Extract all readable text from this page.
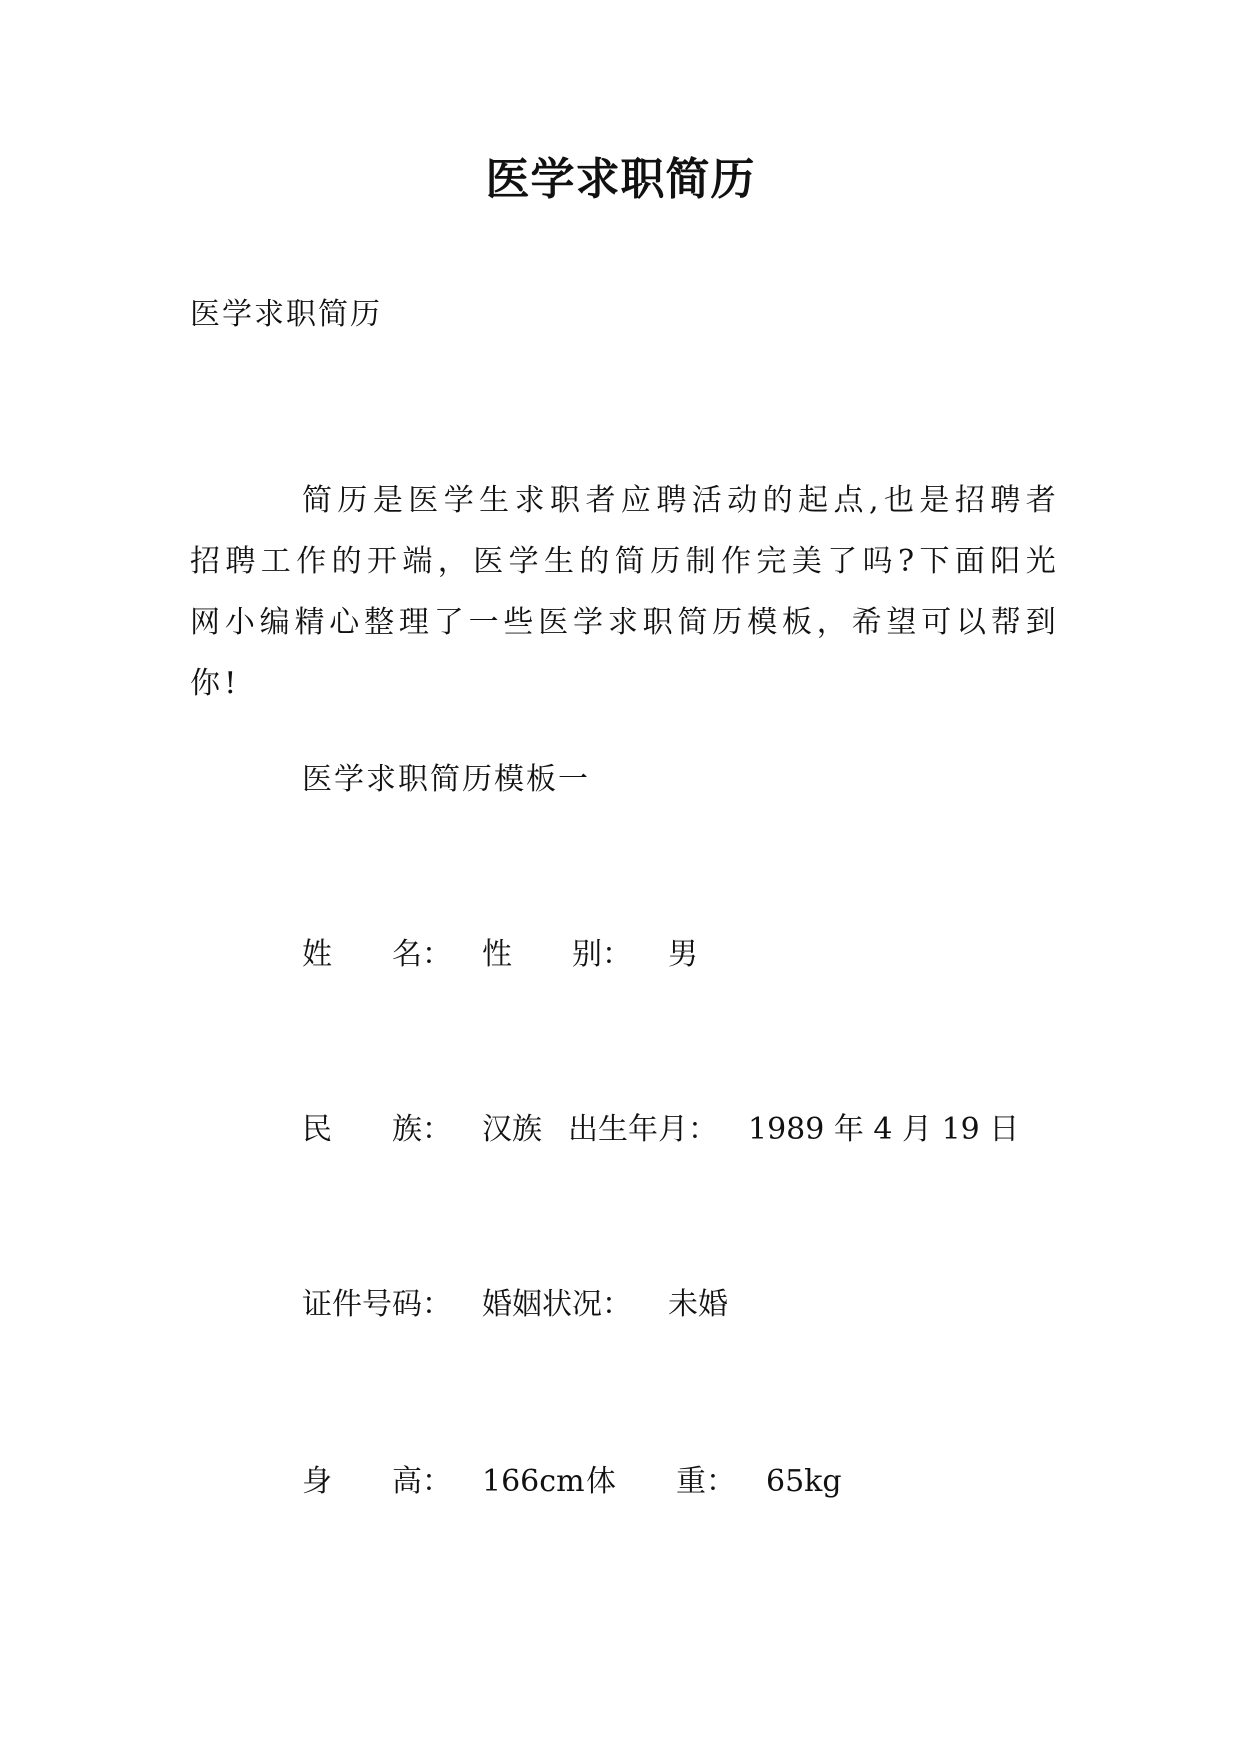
医学求职简历
医学求职简历
简历是医学生求职者应聘活动的起点,也是招聘者招聘工作的开端，医学生的简历制作完美了吗?下面阳光网小编精心整理了一些医学求职简历模板，希望可以帮到你!
医学求职简历模板一
姓　　名： 性　　别： 男
民　　族： 汉族 出生年月： 1989 年 4 月 19 日
证件号码： 婚姻状况： 未婚
身　　高： 166cm 体　　重： 65kg
